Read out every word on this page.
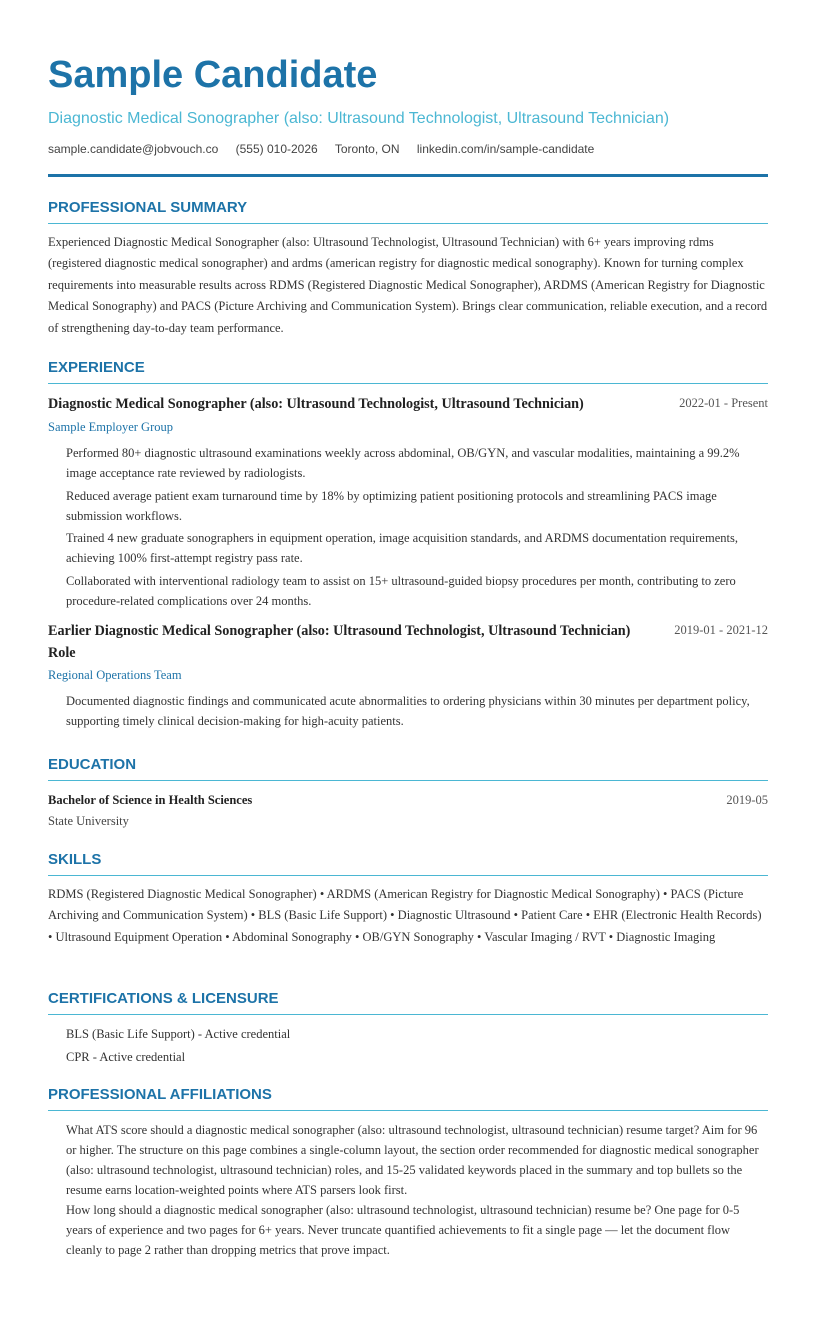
Sample Candidate
Diagnostic Medical Sonographer (also: Ultrasound Technologist, Ultrasound Technician)
sample.candidate@jobvouch.co (555) 010-2026 Toronto, ON linkedin.com/in/sample-candidate
PROFESSIONAL SUMMARY

Experienced Diagnostic Medical Sonographer (also: Ultrasound Technologist, Ultrasound Technician) with 6+ years improving rdms (registered diagnostic medical sonographer) and ardms (american registry for diagnostic medical sonography). Known for turning complex requirements into measurable results across RDMS (Registered Diagnostic Medical Sonographer), ARDMS (American Registry for Diagnostic Medical Sonography) and PACS (Picture Archiving and Communication System). Brings clear communication, reliable execution, and a record of strengthening day-to-day team performance.

EXPERIENCE
Diagnostic Medical Sonographer (also: Ultrasound Technologist, Ultrasound Technician)	2022-01 - Present
Sample Employer Group
Performed 80+ diagnostic ultrasound examinations weekly across abdominal, OB/GYN, and vascular modalities, maintaining a 99.2% image acceptance rate reviewed by radiologists.
Reduced average patient exam turnaround time by 18% by optimizing patient positioning protocols and streamlining PACS image submission workflows.
Trained 4 new graduate sonographers in equipment operation, image acquisition standards, and ARDMS documentation requirements, achieving 100% first-attempt registry pass rate.
Collaborated with interventional radiology team to assist on 15+ ultrasound-guided biopsy procedures per month, contributing to zero procedure-related complications over 24 months.
Earlier Diagnostic Medical Sonographer (also: Ultrasound Technologist, Ultrasound Technician) Role
2019-01 - 2021-12
Regional Operations Team
Documented diagnostic findings and communicated acute abnormalities to ordering physicians within 30 minutes per department policy, supporting timely clinical decision-making for high-acuity patients.
EDUCATION
Bachelor of Science in Health Sciences	2019-05
State University
SKILLS

RDMS (Registered Diagnostic Medical Sonographer) • ARDMS (American Registry for Diagnostic Medical Sonography) • PACS (Picture Archiving and Communication System) • BLS (Basic Life Support) • Diagnostic Ultrasound • Patient Care • EHR (Electronic Health Records) • Ultrasound Equipment Operation • Abdominal Sonography • OB/GYN Sonography • Vascular Imaging / RVT • Diagnostic Imaging

CERTIFICATIONS & LICENSURE
BLS (Basic Life Support) - Active credential
CPR - Active credential
PROFESSIONAL AFFILIATIONS
What ATS score should a diagnostic medical sonographer (also: ultrasound technologist, ultrasound technician) resume target? Aim for 96 or higher. The structure on this page combines a single-column layout, the section order recommended for diagnostic medical sonographer (also: ultrasound technologist, ultrasound technician) roles, and 15-25 validated keywords placed in the summary and top bullets so the resume earns location-weighted points where ATS parsers look first.
How long should a diagnostic medical sonographer (also: ultrasound technologist, ultrasound technician) resume be? One page for 0-5 years of experience and two pages for 6+ years. Never truncate quantified achievements to fit a single page — let the document flow cleanly to page 2 rather than dropping metrics that prove impact.
